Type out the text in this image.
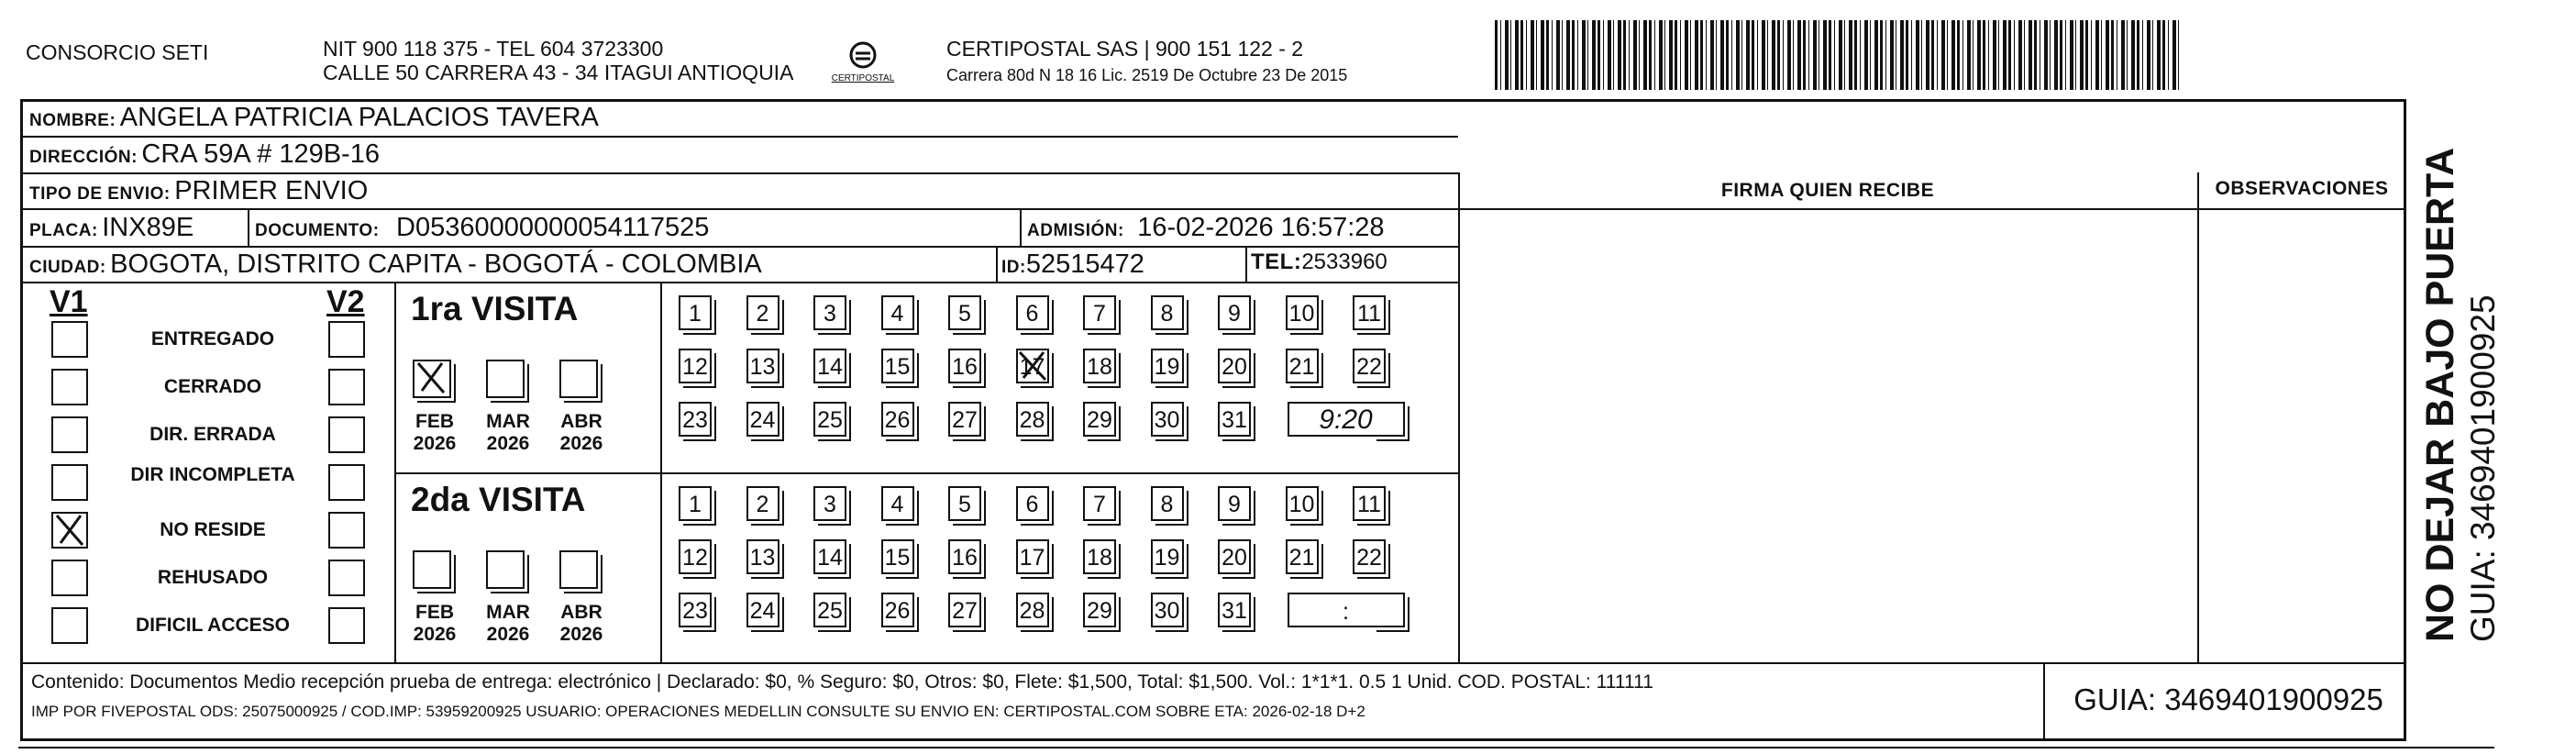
CONSORCIO SETI	NIT 900 118 375 - TEL 604 3723300
CALLE 50 CARRERA 43 - 34 ITAGUI ANTIOQUIA	CERTIPOSTAL
CERTIPOSTAL SAS | 900 151 122 - 2
Carrera 80d N 18 16 Lic. 2519 De Octubre 23 De 2015
NOMBRE: ANGELA PATRICIA PALACIOS TAVERA
DIRECCIÓN: CRA 59A # 129B-16
TIPO DE ENVIO: PRIMER ENVIO	FIRMA QUIEN RECIBE	OBSERVACIONES
PLACA: INX89E	DOCUMENTO: D05360000000054117525	ADMISIÓN: 16-02-2026 16:57:28
CIUDAD: BOGOTA, DISTRITO CAPITA - BOGOTÁ - COLOMBIA	ID:52515472	TEL:2533960
V1	V2
ENTREGADO
CERRADO
DIR. ERRADA
DIR INCOMPLETA
NO RESIDE
REHUSADO
DIFICIL ACCESO
1ra VISITA
FEB
2026
MAR
2026
ABR
2026
1	2	3	4	5	6	7	8	9	10 11
12 13 14 15 16 17 18 19 20 21 22
23 24 25 26 27 28 29 30 31	9:20
2da VISITA
FEB
2026
MAR
2026
ABR
2026
1	2	3	4	5	6	7	8	9	10 11
12 13 14 15 16 17 18 19 20 21 22
23 24 25 26 27 28 29 30 31	:
Contenido: Documentos Medio recepción prueba de entrega: electrónico | Declarado: $0, % Seguro: $0, Otros: $0, Flete: $1,500, Total: $1,500. Vol.: 1*1*1. 0.5 1 Unid. COD. POSTAL: 111111
IMP POR FIVEPOSTAL ODS: 25075000925 / COD.IMP: 53959200925 USUARIO: OPERACIONES MEDELLIN CONSULTE SU ENVIO EN: CERTIPOSTAL.COM SOBRE ETA: 2026-02-18 D+2	GUIA: 3469401900925
NO DEJAR BAJO PUERTA GUIA: 3469401900925
